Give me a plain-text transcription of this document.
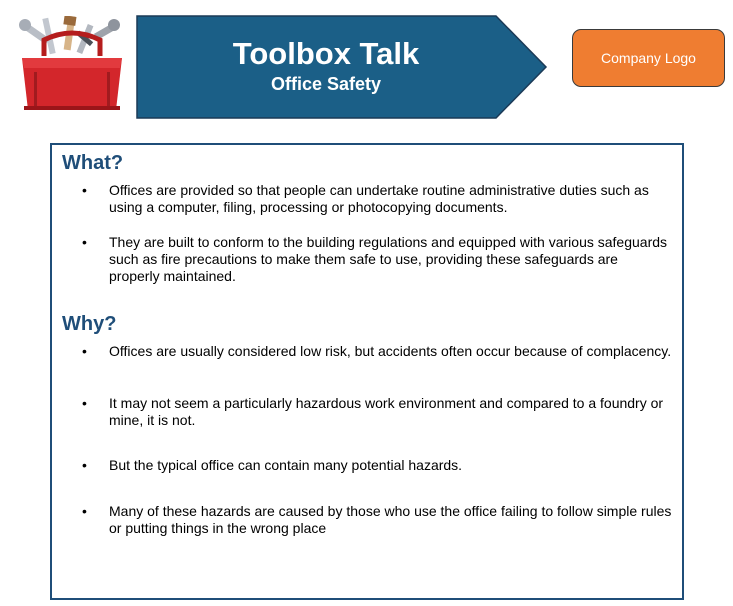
Toolbox Talk
Office Safety
Company Logo
What?
• Offices are provided so that people can undertake routine administrative duties such as using a computer, filing, processing or photocopying documents.
• They are built to conform to the building regulations and equipped with various safeguards such as fire precautions to make them safe to use, providing these safeguards are properly maintained.
Why?
• Offices are usually considered low risk, but accidents often occur because of complacency.
• It may not seem a particularly hazardous work environment and compared to a foundry or mine, it is not.
• But the typical office can contain many potential hazards.
• Many of these hazards are caused by those who use the office failing to follow simple rules or putting things in the wrong place
